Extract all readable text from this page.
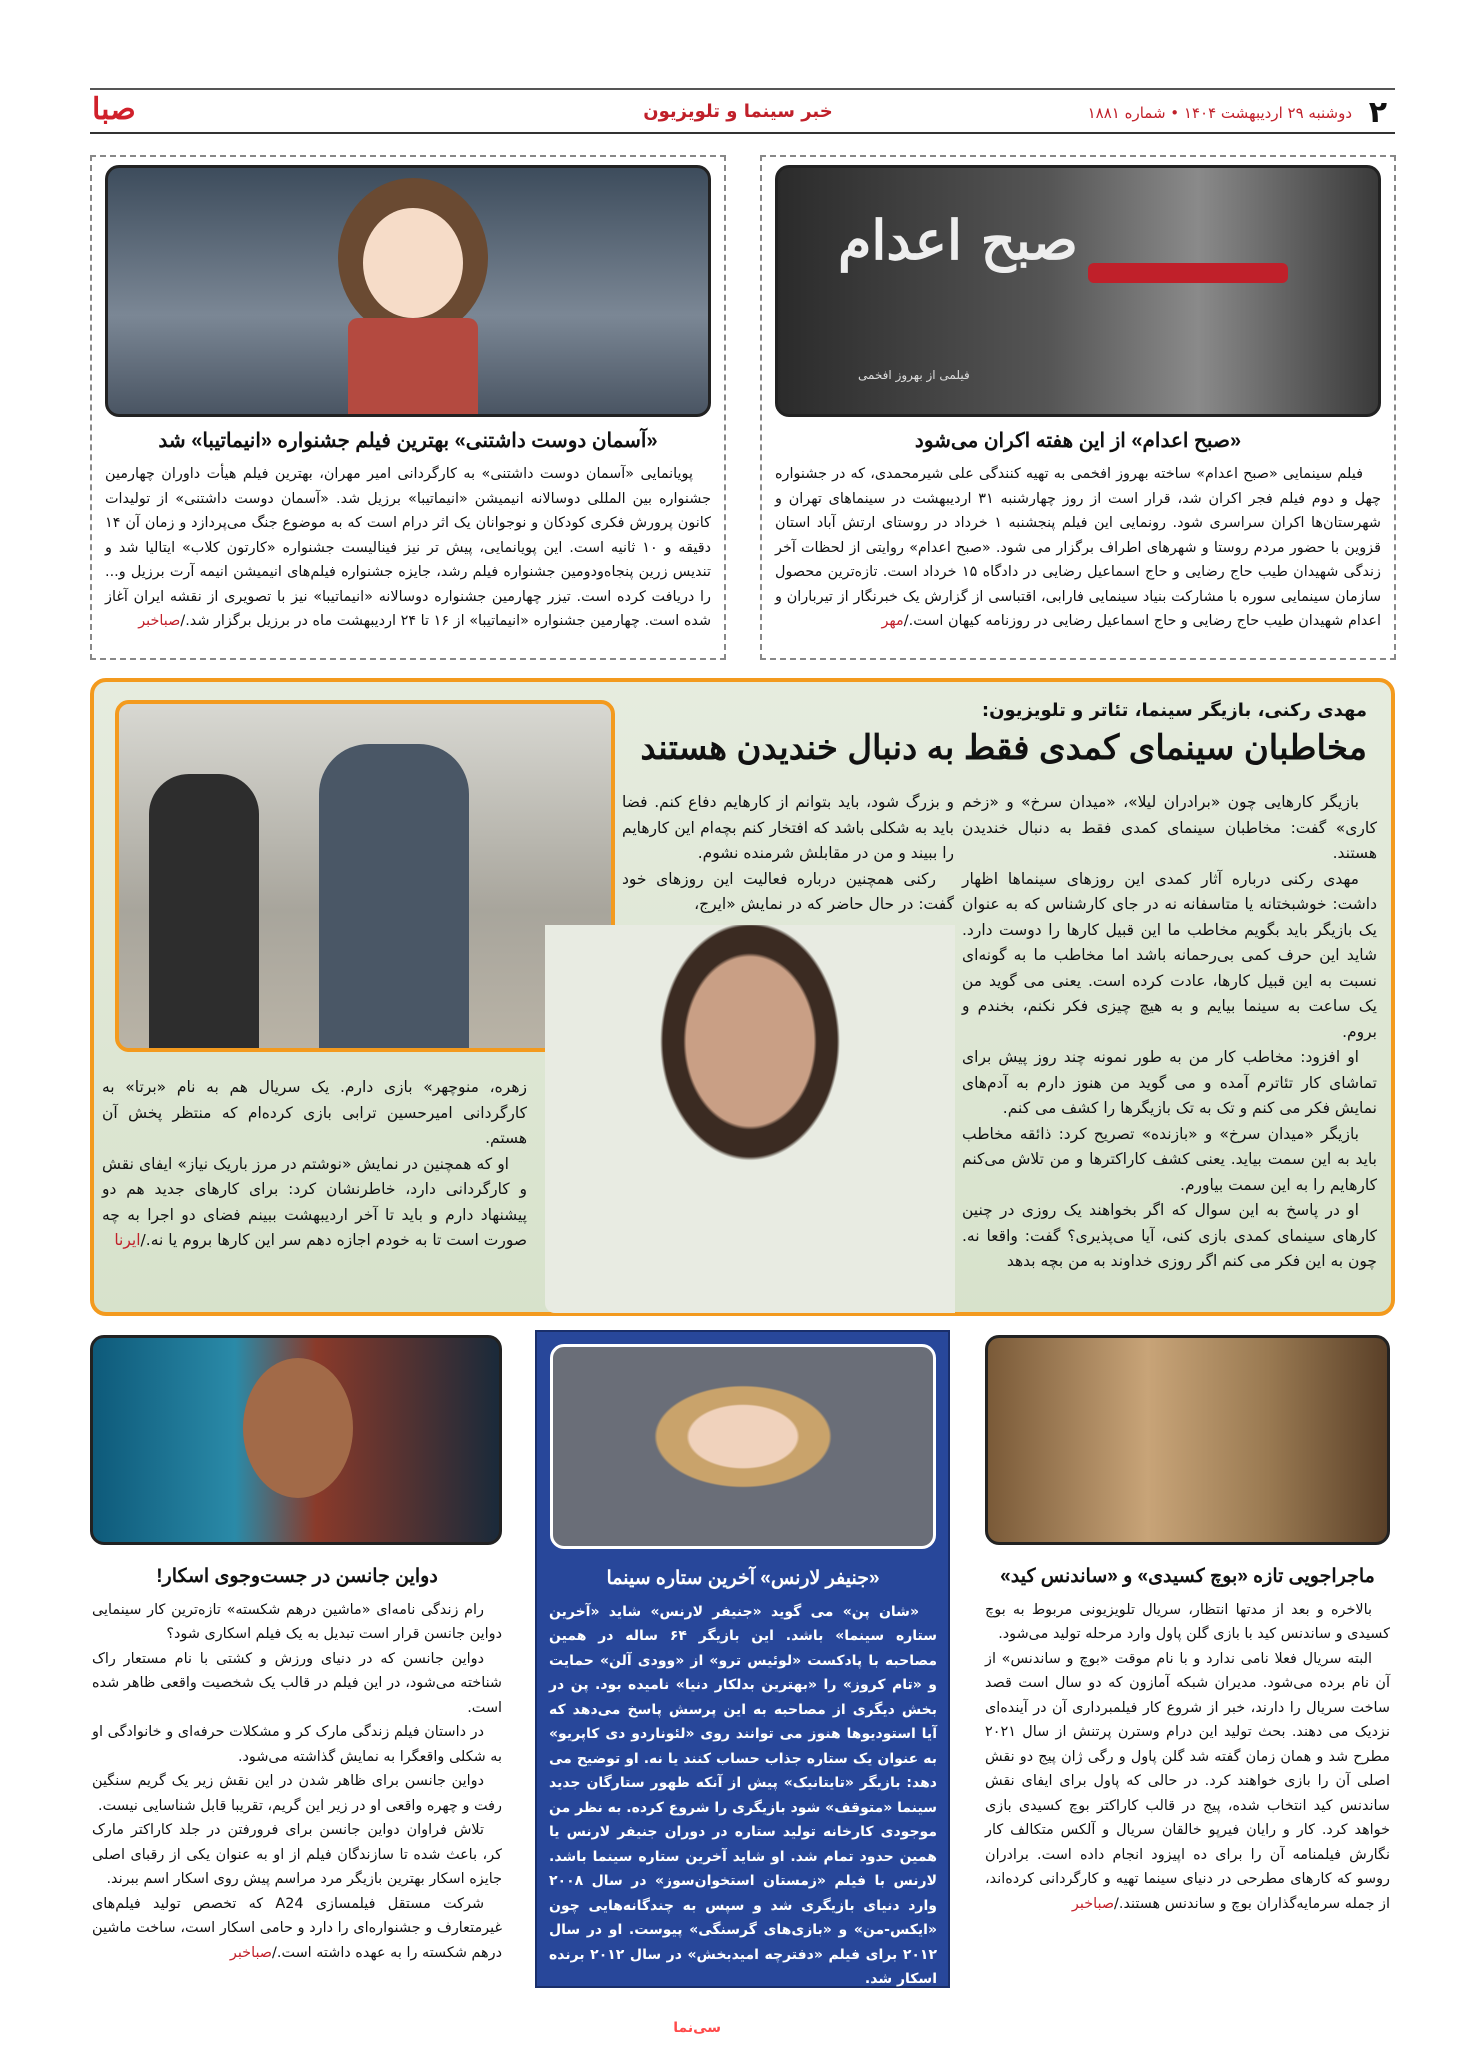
۲
دوشنبه ۲۹ اردیبهشت ۱۴۰۴ • شماره ۱۸۸۱
خبر سینما و تلویزیون
صبا
صبح اعدام
فیلمی از بهروز افخمی
«صبح اعدام» از این هفته اکران می‌شود

فیلم سینمایی «صبح اعدام» ساخته بهروز افخمی به تهیه کنندگی علی شیرمحمدی، که در جشنواره چهل و دوم فیلم فجر اکران شد، قرار است از روز چهارشنبه ۳۱ اردیبهشت در سینماهای تهران و شهرستان‌ها اکران سراسری شود. رونمایی این فیلم پنجشنبه ۱ خرداد در روستای ارتش آباد استان قزوین با حضور مردم روستا و شهرهای اطراف برگزار می شود. «صبح اعدام» روایتی از لحظات آخر زندگی شهیدان طیب حاج رضایی و حاج اسماعیل رضایی در دادگاه ۱۵ خرداد است. تازه‌ترین محصول سازمان سینمایی سوره با مشارکت بنیاد سینمایی فارابی، اقتباسی از گزارش یک خبرنگار از تیرباران و اعدام شهیدان طیب حاج رضایی و حاج اسماعیل رضایی در روزنامه کیهان است./مهر

«آسمان دوست داشتنی» بهترین فیلم جشنواره «انیماتیبا» شد

پویانمایی «آسمان دوست داشتنی» به کارگردانی امیر مهران، بهترین فیلم هیأت داوران چهارمین جشنواره بین المللی دوسالانه انیمیشن «انیماتیبا» برزیل شد. «آسمان دوست داشتنی» از تولیدات کانون پرورش فکری کودکان و نوجوانان یک اثر درام است که به موضوع جنگ می‌پردازد و زمان آن ۱۴ دقیقه و ۱۰ ثانیه است. این پویانمایی، پیش تر نیز فینالیست جشنواره «کارتون کلاب» ایتالیا شد و تندیس زرین پنجاه‌ودومین جشنواره فیلم رشد، جایزه جشنواره فیلم‌های انیمیشن انیمه آرت برزیل و... را دریافت کرده است. تیزر چهارمین جشنواره دوسالانه «انیماتیبا» نیز با تصویری از نقشه ایران آغاز شده است. چهارمین جشنواره «انیماتیبا» از ۱۶ تا ۲۴ اردیبهشت ماه در برزیل برگزار شد./صباخبر

مهدی رکنی، بازیگر سینما، تئاتر و تلویزیون:
مخاطبان سینمای کمدی فقط به دنبال خندیدن هستند

بازیگر کارهایی چون «برادران لیلا»، «میدان سرخ» و «زخم کاری» گفت: مخاطبان سینمای کمدی فقط به دنبال خندیدن هستند.

مهدی رکنی درباره آثار کمدی این روزهای سینماها اظهار داشت: خوشبختانه یا متاسفانه نه در جای کارشناس که به عنوان یک بازیگر باید بگویم مخاطب ما این قبیل کارها را دوست دارد. شاید این حرف کمی بی‌رحمانه باشد اما مخاطب ما به گونه‌ای نسبت به این قبیل کارها، عادت کرده است. یعنی می گوید من یک ساعت به سینما بیایم و به هیچ چیزی فکر نکنم، بخندم و بروم.

او افزود: مخاطب کار من به طور نمونه چند روز پیش برای تماشای کار تئاترم آمده و می گوید من هنوز دارم به آدم‌های نمایش فکر می کنم و تک به تک بازیگرها را کشف می کنم.

بازیگر «میدان سرخ» و «بازنده» تصریح کرد: ذائقه مخاطب باید به این سمت بیاید. یعنی کشف کاراکترها و من تلاش می‌کنم کارهایم را به این سمت بیاورم.

او در پاسخ به این سوال که اگر بخواهند یک روزی در چنین کارهای سینمای کمدی بازی کنی، آیا می‌پذیری؟ گفت: واقعا نه. چون به این فکر می کنم اگر روزی خداوند به من بچه بدهد

و بزرگ شود، باید بتوانم از کارهایم دفاع کنم. فضا باید به شکلی باشد که افتخار کنم بچه‌ام این کارهایم را ببیند و من در مقابلش شرمنده نشوم.

رکنی همچنین درباره فعالیت این روزهای خود گفت: در حال حاضر که در نمایش «ایرج،

زهره، منوچهر» بازی دارم. یک سریال هم به نام «برتا» به کارگردانی امیرحسین ترابی بازی کرده‌ام که منتظر پخش آن هستم.

او که همچنین در نمایش «نوشتم در مرز باریک نیاز» ایفای نقش و کارگردانی دارد، خاطرنشان کرد: برای کارهای جدید هم دو پیشنهاد دارم و باید تا آخر اردیبهشت ببینم فضای دو اجرا به چه صورت است تا به خودم اجازه دهم سر این کارها بروم یا نه./ایرنا

ماجراجویی تازه «بوچ کسیدی» و «ساندنس کید»

بالاخره و بعد از مدتها انتظار، سریال تلویزیونی مربوط به بوچ کسیدی و ساندنس کید با بازی گلن پاول وارد مرحله تولید می‌شود.

البته سریال فعلا نامی ندارد و با نام موقت «بوچ و ساندنس» از آن نام برده می‌شود. مدیران شبکه آمازون که دو سال است قصد ساخت سریال را دارند، خبر از شروع کار فیلمبرداری آن در آینده‌ای نزدیک می دهند. بحث تولید این درام وسترن پرتنش از سال ۲۰۲۱ مطرح شد و همان زمان گفته شد گلن پاول و رگی ژان پیج دو نقش اصلی آن را بازی خواهند کرد. در حالی که پاول برای ایفای نقش ساندنس کید انتخاب شده، پیج در قالب کاراکتر بوچ کسیدی بازی خواهد کرد. کار و رایان فیرپو خالقان سریال و آلکس متکالف کار نگارش فیلمنامه آن را برای ده اپیزود انجام داده است. برادران روسو که کارهای مطرحی در دنیای سینما تهیه و کارگردانی کرده‌اند، از جمله سرمایه‌گذاران بوچ و ساندنس هستند./صباخبر

«جنیفر لارنس» آخرین ستاره سینما

«شان پن» می گوید «جنیفر لارنس» شاید «آخرین ستاره سینما» باشد. این بازیگر ۶۴ ساله در همین مصاحبه با پادکست «لوئیس ترو» از «وودی آلن» حمایت و «تام کروز» را «بهترین بدلکار دنیا» نامیده بود. پن در بخش دیگری از مصاحبه به این پرسش پاسخ می‌دهد که آیا استودیوها هنوز می توانند روی «لئوناردو دی کاپریو» به عنوان یک ستاره جذاب حساب کنند یا نه. او توضیح می دهد: بازیگر «تایتانیک» پیش از آنکه ظهور ستارگان جدید سینما «متوقف» شود بازیگری را شروع کرده. به نظر من موجودی کارخانه تولید ستاره در دوران جنیفر لارنس یا همین حدود تمام شد. او شاید آخرین ستاره سینما باشد. لارنس با فیلم «زمستان استخوان‌سوز» در سال ۲۰۰۸ وارد دنیای بازیگری شد و سپس به چندگانه‌هایی چون «ایکس-من» و «بازی‌های گرسنگی» پیوست. او در سال ۲۰۱۲ برای فیلم «دفترچه امیدبخش» در سال ۲۰۱۲ برنده اسکار شد.

لارنس فیلم «بمیر عشق من» به کارگردانی لین رمزی را در جشنواره کن امسال دارد./سی‌نما

دواین جانسن در جست‌وجوی اسکار!

رام زندگی نامه‌ای «ماشین درهم شکسته» تازه‌ترین کار سینمایی دواین جانسن قرار است تبدیل به یک فیلم اسکاری شود؟

دواین جانسن که در دنیای ورزش و کشتی با نام مستعار راک شناخته می‌شود، در این فیلم در قالب یک شخصیت واقعی ظاهر شده است.

در داستان فیلم زندگی مارک کر و مشکلات حرفه‌ای و خانوادگی او به شکلی واقعگرا به نمایش گذاشته می‌شود.

دواین جانسن برای ظاهر شدن در این نقش زیر یک گریم سنگین رفت و چهره واقعی او در زیر این گریم، تقریبا قابل شناسایی نیست.

تلاش فراوان دواین جانسن برای فرورفتن در جلد کاراکتر مارک کر، باعث شده تا سازندگان فیلم از او به عنوان یکی از رقبای اصلی جایزه اسکار بهترین بازیگر مرد مراسم پیش روی اسکار اسم ببرند.

شرکت مستقل فیلمسازی A24 که تخصص تولید فیلم‌های غیرمتعارف و جشنواره‌ای را دارد و حامی اسکار است، ساخت ماشین درهم شکسته را به عهده داشته است./صباخبر
